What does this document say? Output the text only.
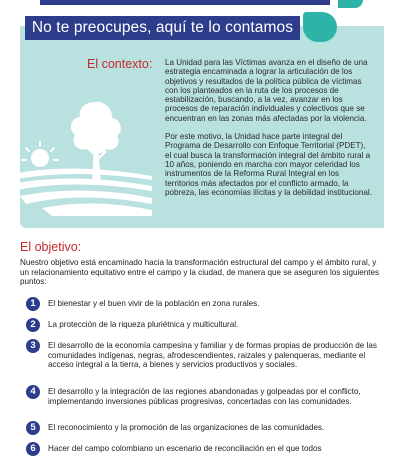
No te preocupes, aquí te lo contamos
El contexto: La Unidad para las Víctimas avanza en el diseño de una estrategia encaminada a lograr la articulación de los objetivos y resultados de la política pública de víctimas con los planteados en la ruta de los procesos de estabilización, buscando, a la vez, avanzar en los procesos de reparación individuales y colectivos que se encuentran en las zonas más afectadas por la violencia.

Por este motivo, la Unidad hace parte integral del Programa de Desarrollo con Enfoque Territorial (PDET), el cual busca la transformación integral del ámbito rural a 10 años, poniendo en marcha con mayor celeridad los instrumentos de la Reforma Rural Integral en los territorios más afectados por el conflicto armado, la pobreza, las economías ilícitas y la debilidad institucional.

El objetivo:
Nuestro objetivo está encaminado hacia la transformación estructural del campo y el ámbito rural, y un relacionamiento equitativo entre el campo y la ciudad, de manera que se aseguren los siguientes puntos:
1	El bienestar y el buen vivir de la población en zona rurales.
2	La protección de la riqueza pluriétnica y multicultural.
3	El desarrollo de la economía campesina y familiar y de formas propias de producción de las comunidades indígenas, negras, afrodescendientes, raizales y palenqueras, mediante el acceso integral a la tierra, a bienes y servicios productivos y sociales.
4	El desarrollo y la integración de las regiones abandonadas y golpeadas por el conflicto, implementando inversiones públicas progresivas, concertadas con las comunidades.
5	El reconocimiento y la promoción de las organizaciones de las comunidades.
6	Hacer del campo colombiano un escenario de reconciliación en el que todos
